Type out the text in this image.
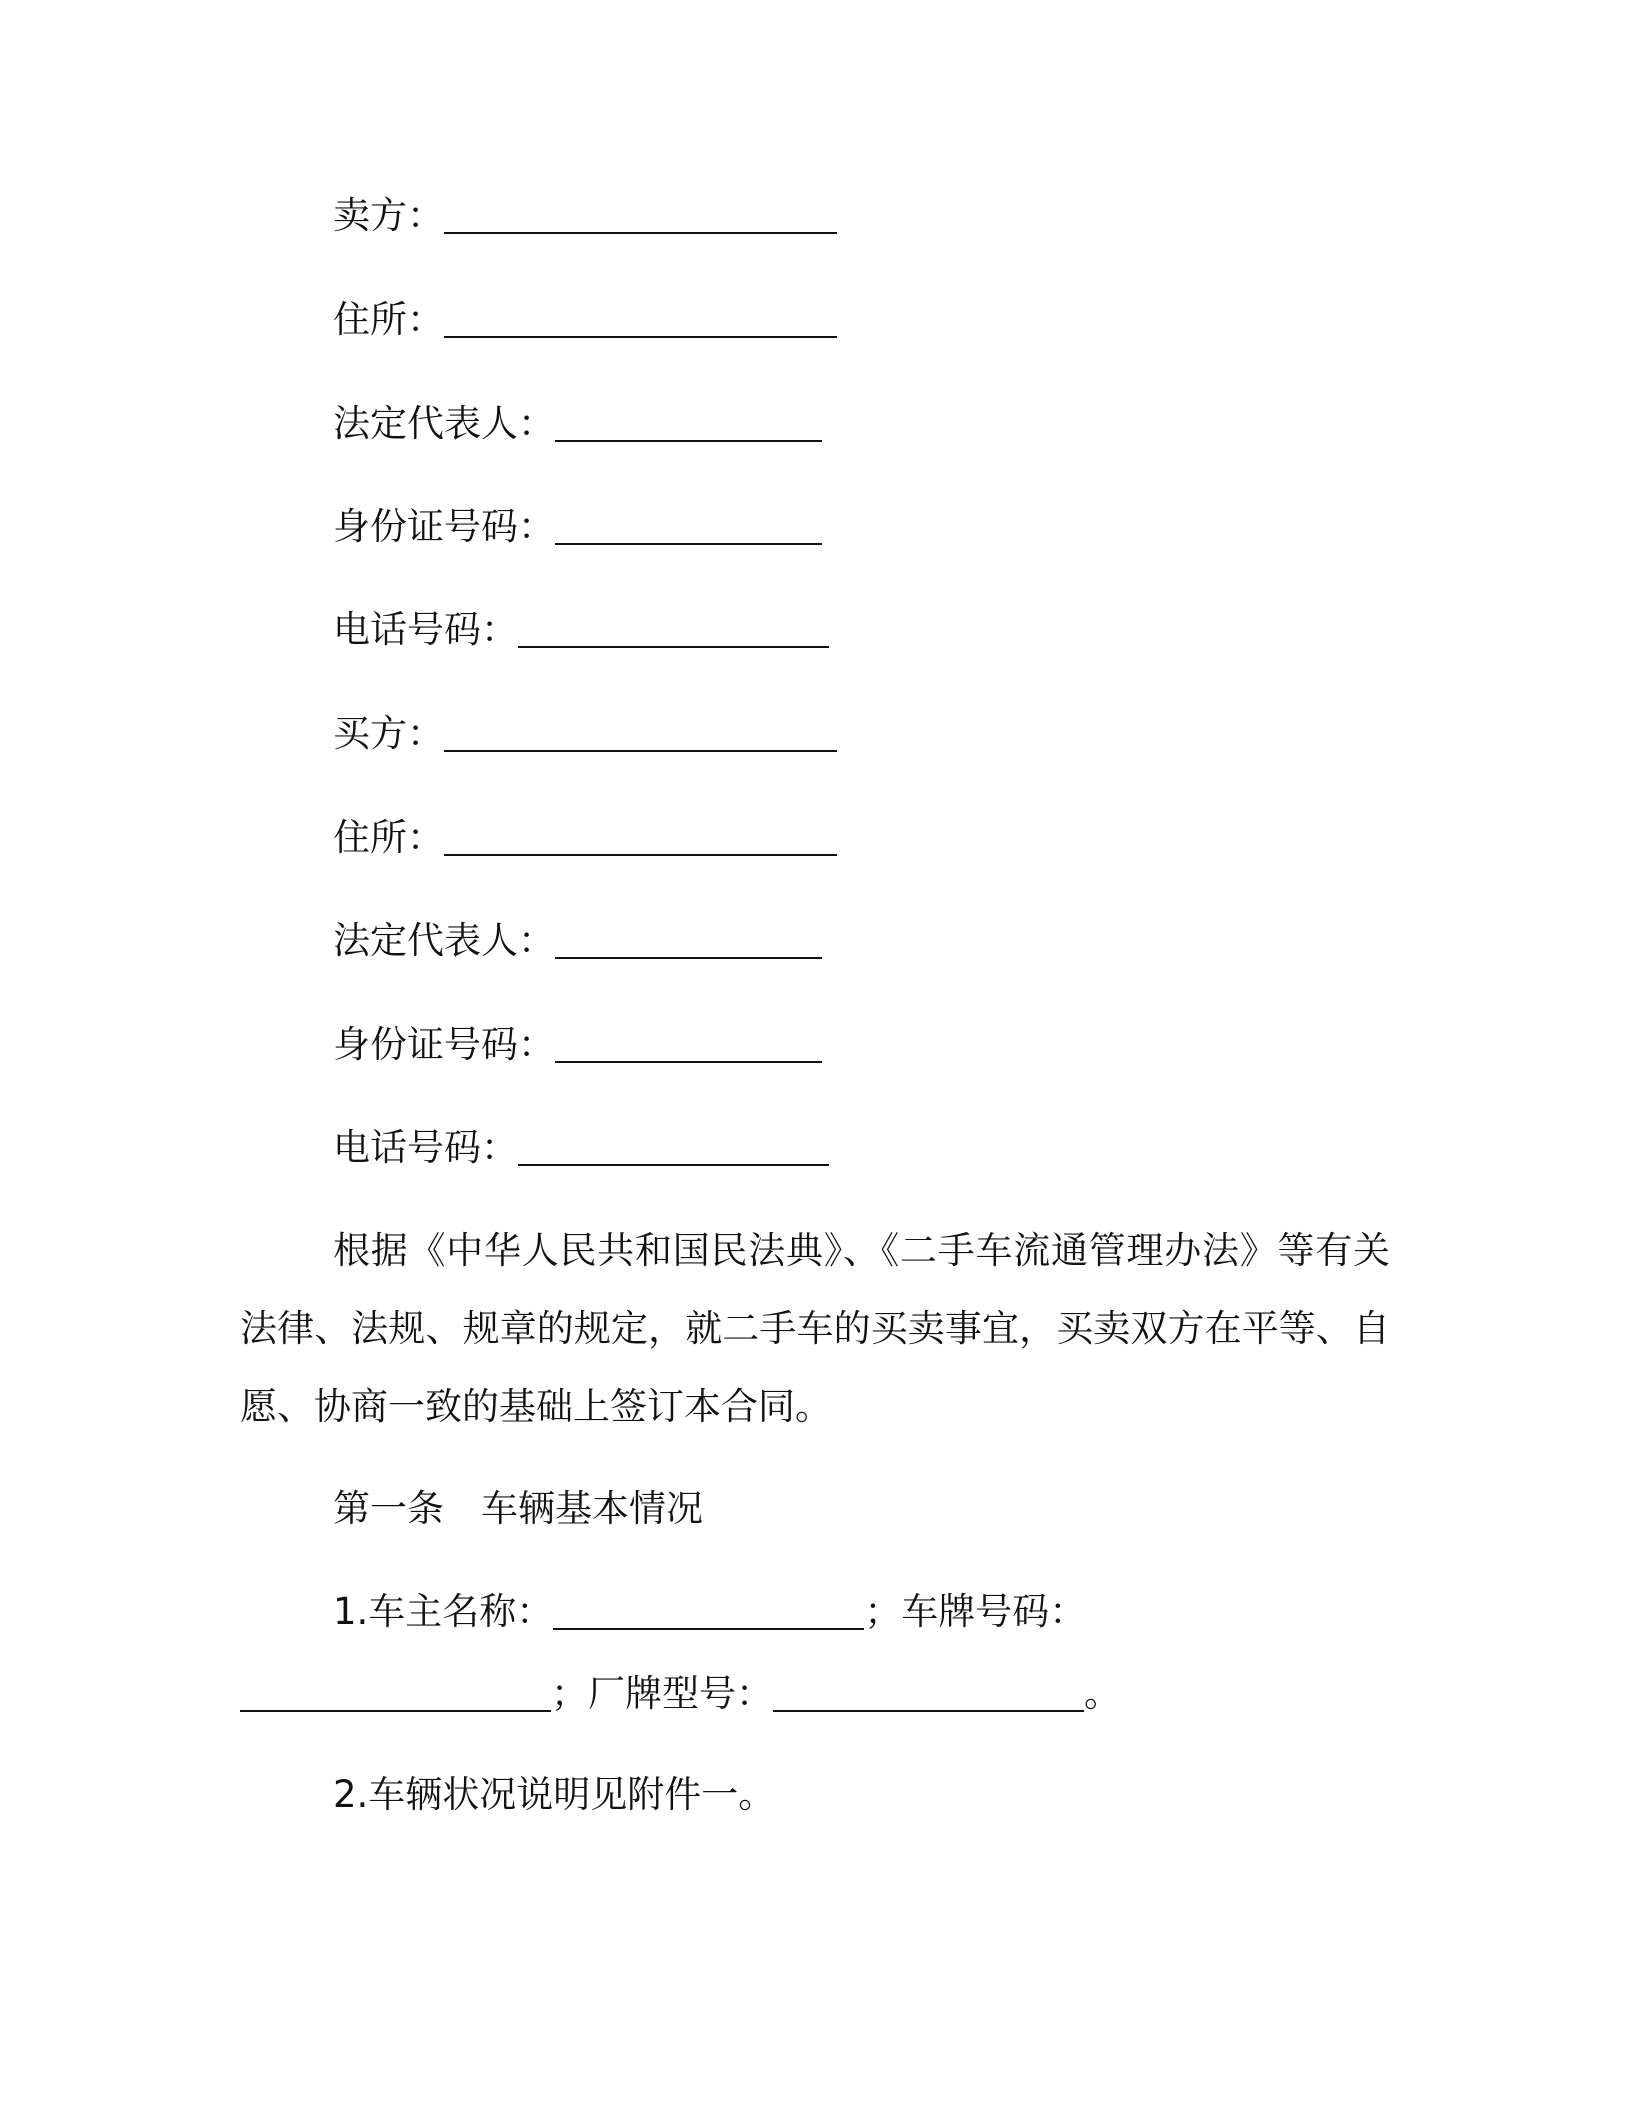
卖方：
住所：
法定代表人：
身份证号码：
电话号码：
买方：
住所：
法定代表人：
身份证号码：
电话号码：
根据《中华人民共和国民法典》、《二手车流通管理办法》等有关法律、法规、规章的规定，就二手车的买卖事宜，买卖双方在平等、自愿、协商一致的基础上签订本合同。
第一条　车辆基本情况
1.车主名称：	；车牌号码：
；厂牌型号：	。
2.车辆状况说明见附件一。
